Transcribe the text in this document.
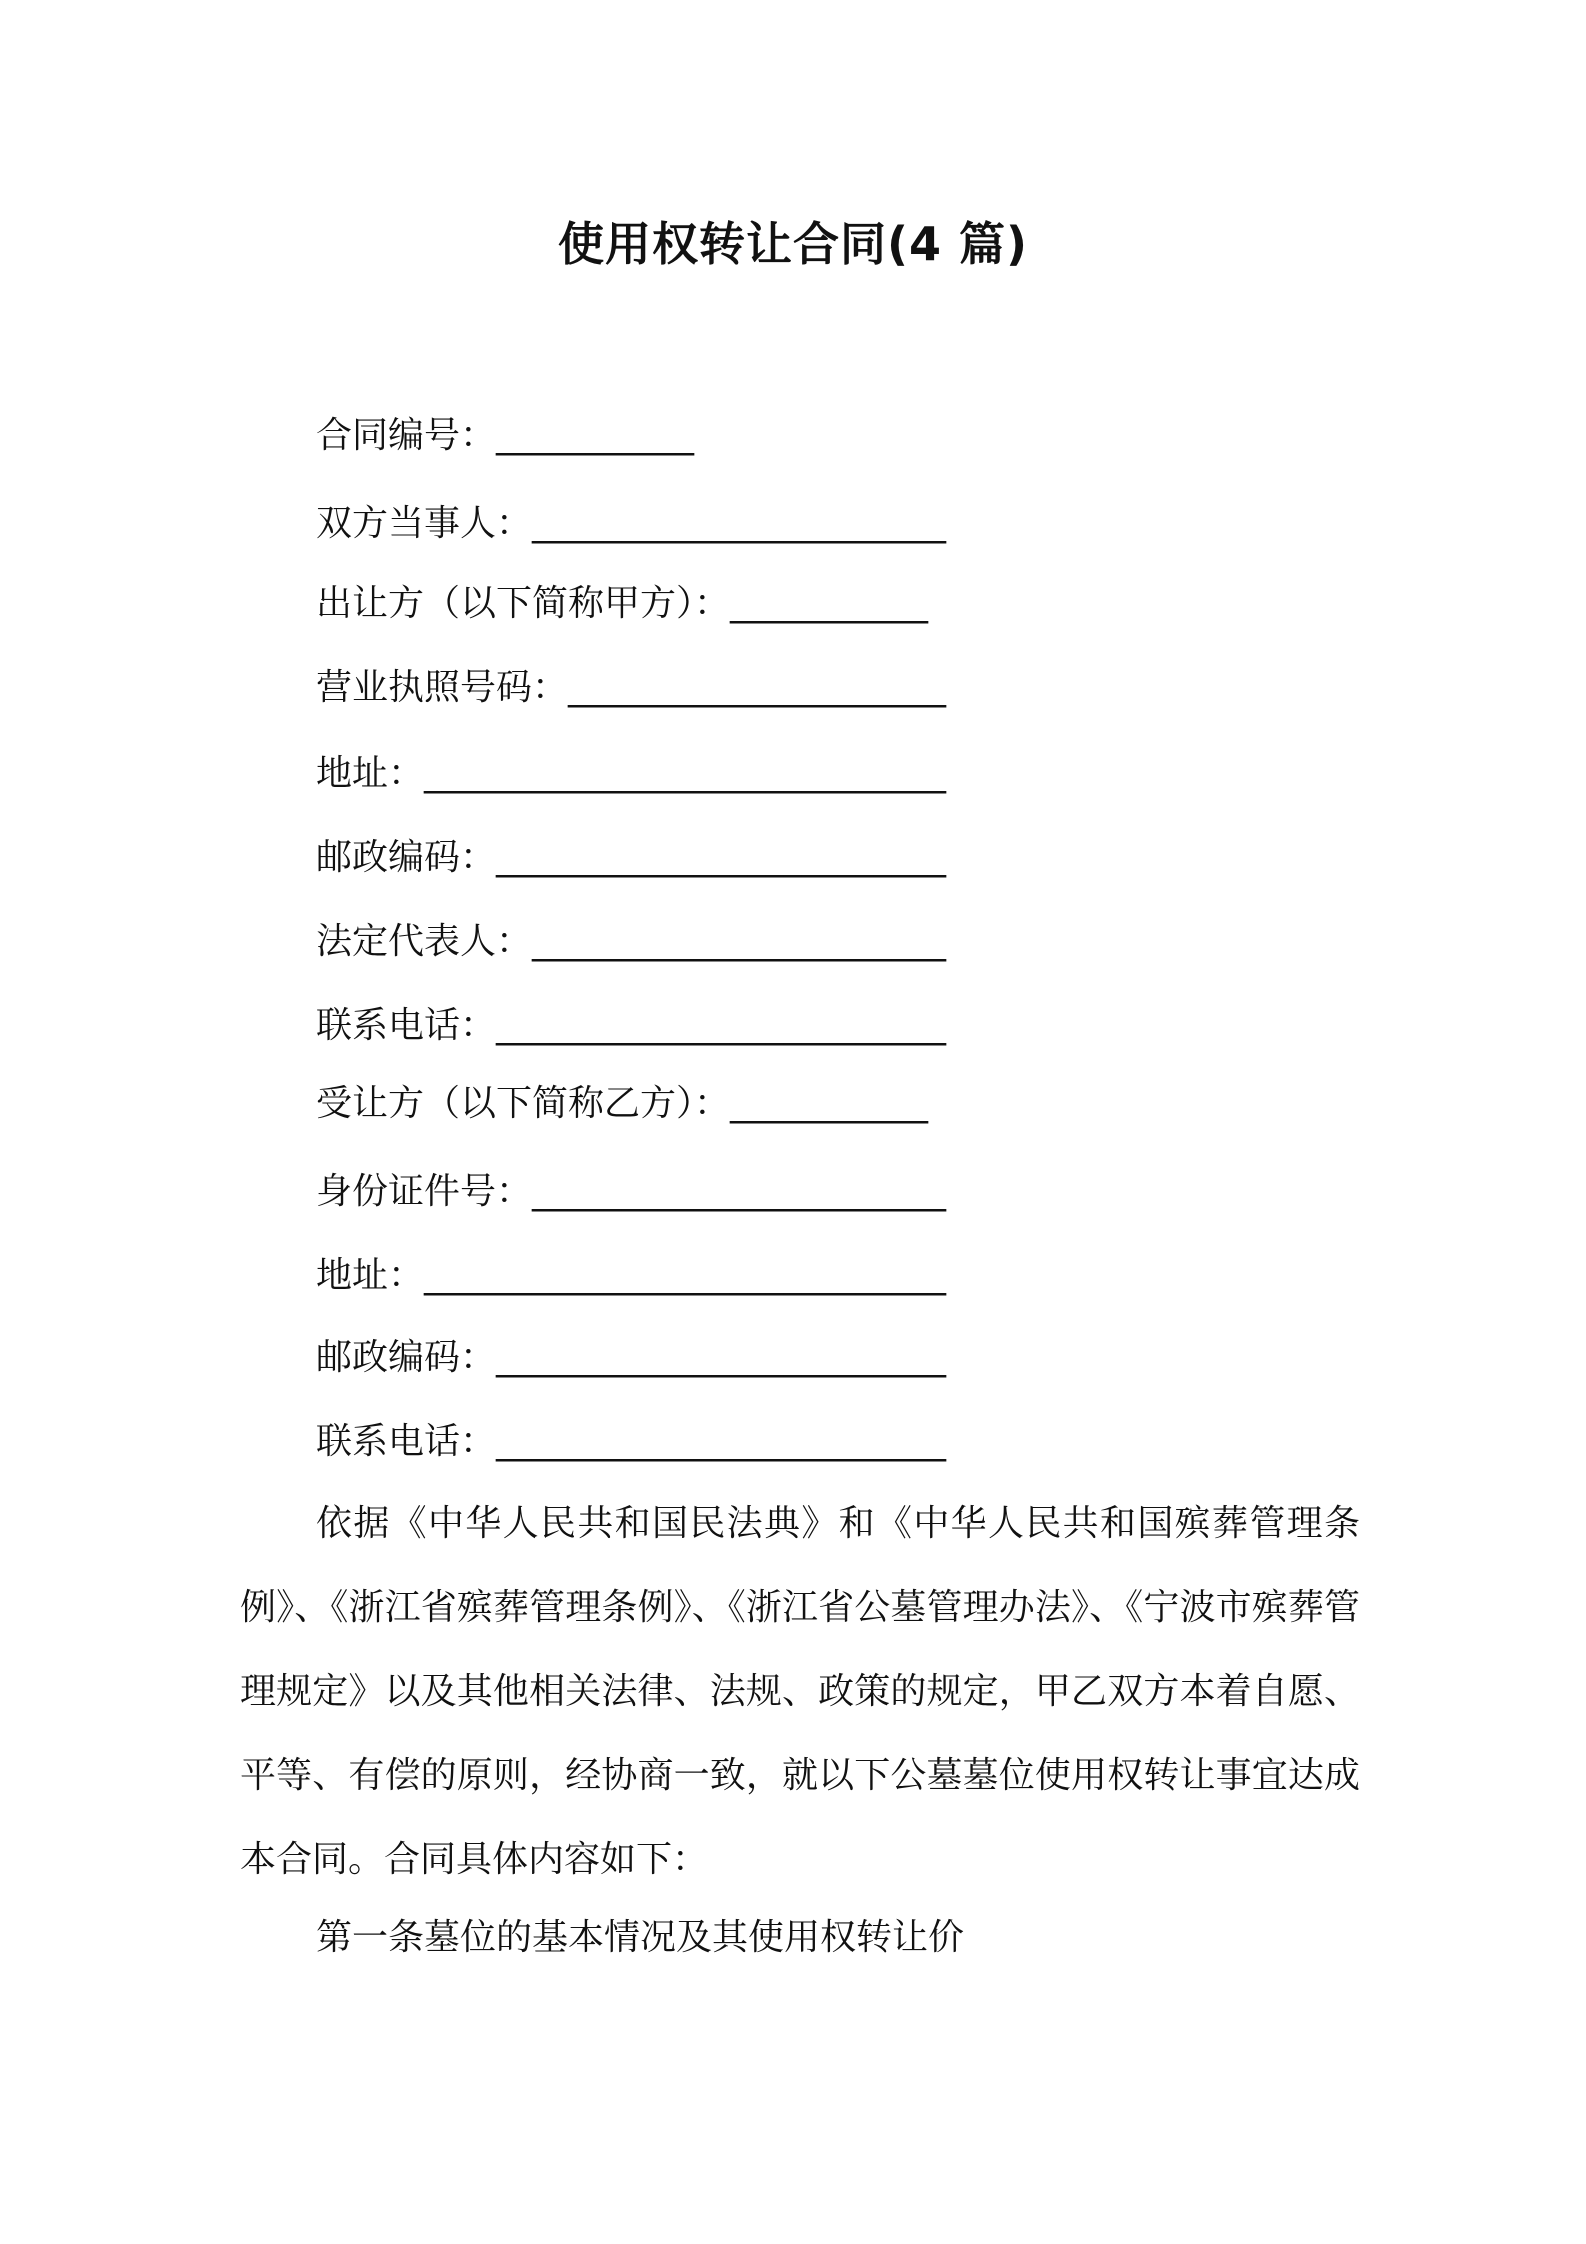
使用权转让合同(4 篇)
合同编号：___________
双方当事人：_______________________
出让方（以下简称甲方）：___________
营业执照号码：_____________________
地址：_____________________________
邮政编码：_________________________
法定代表人：_______________________
联系电话：_________________________
受让方（以下简称乙方）：___________
身份证件号：_______________________
地址：_____________________________
邮政编码：_________________________
联系电话：_________________________

依据《中华人民共和国民法典》和《中华人民共和国殡葬管理条例》、《浙江省殡葬管理条例》、《浙江省公墓管理办法》、《宁波市殡葬管理规定》以及其他相关法律、法规、政策的规定，甲乙双方本着自愿、平等、有偿的原则，经协商一致，就以下公墓墓位使用权转让事宜达成本合同。合同具体内容如下：

第一条墓位的基本情况及其使用权转让价
